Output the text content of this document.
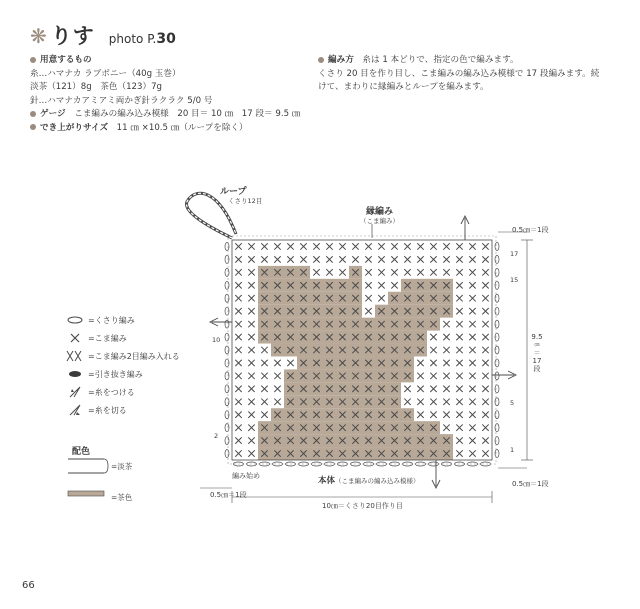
❋ りす photo P.30
用意するもの
糸…ハマナカ ラブボニー（40g 玉巻）
淡茶（121）8g　茶色（123）7g
針…ハマナカアミアミ両かぎ針ラクラク 5/0 号
ゲージ　 こま編みの編み込み模様　20 目＝ 10 ㎝　17 段＝ 9.5 ㎝
でき上がりサイズ　 11 ㎝ ×10.5 ㎝（ループを除く）
編み方　 糸は 1 本どりで、指定の色で編みます。
くさり 20 目を作り目し、こま編みの編み込み模様で 17 段編みます。続
けて、まわりに縁編みとループを編みます。
=くさり編み
=こま編み
=こま編み2目編み入れる
=引き抜き編み
=糸をつける
=糸を切る
配色
=淡茶
=茶色
ループ
くさり12目
縁編み
（こま編み）
本体（こま編みの編み込み模様）
編み始め
10㎝＝くさり20目作り目
0.5㎝＝1段
0.5㎝＝1段
0.5㎝＝1段
9.5
㎝
＝
17
段
17
15
10
5
2
1
66
